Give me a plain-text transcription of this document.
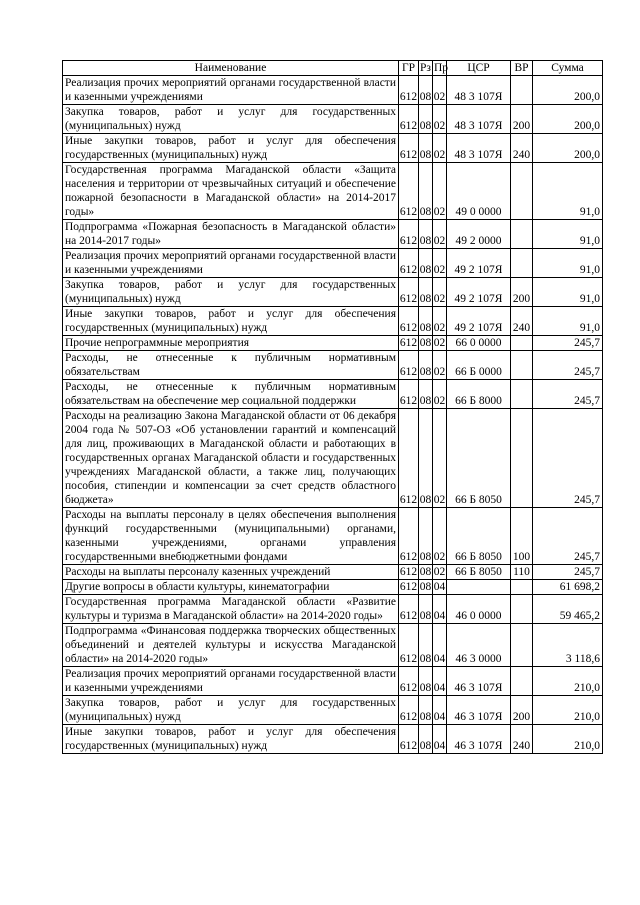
Наименование	ГР	Рз	Пр	ЦСР	ВР	Сумма
Реализация прочих мероприятий органами государственной власти и казенными учреждениями	612	08	02	48 3 107Я		200,0
Закупка товаров, работ и услуг для государственных (муниципальных) нужд	612	08	02	48 3 107Я	200	200,0
Иные закупки товаров, работ и услуг для обеспечения государственных (муниципальных) нужд	612	08	02	48 3 107Я	240	200,0
Государственная программа Магаданской области «Защита населения и территории от чрезвычайных ситуаций и обеспечение пожарной безопасности в Магаданской области» на 2014-2017 годы»	612	08	02	49 0 0000		91,0
Подпрограмма «Пожарная безопасность в Магаданской области» на 2014-2017 годы»	612	08	02	49 2 0000		91,0
Реализация прочих мероприятий органами государственной власти и казенными учреждениями	612	08	02	49 2 107Я		91,0
Закупка товаров, работ и услуг для государственных (муниципальных) нужд	612	08	02	49 2 107Я	200	91,0
Иные закупки товаров, работ и услуг для обеспечения государственных (муниципальных) нужд	612	08	02	49 2 107Я	240	91,0
Прочие непрограммные мероприятия	612	08	02	66 0 0000		245,7
Расходы, не отнесенные к публичным нормативным обязательствам	612	08	02	66 Б 0000		245,7
Расходы, не отнесенные к публичным нормативным обязательствам на обеспечение мер социальной поддержки	612	08	02	66 Б 8000		245,7
Расходы на реализацию Закона Магаданской области от 06 декабря 2004 года № 507-ОЗ «Об установлении гарантий и компенсаций для лиц, проживающих в Магаданской области и работающих в государственных органах Магаданской области и государственных учреждениях Магаданской области, а также лиц, получающих пособия, стипендии и компенсации за счет средств областного бюджета»	612	08	02	66 Б 8050		245,7
Расходы на выплаты персоналу в целях обеспечения выполнения функций государственными (муниципальными) органами, казенными учреждениями, органами управления государственными внебюджетными фондами	612	08	02	66 Б 8050	100	245,7
Расходы на выплаты персоналу казенных учреждений	612	08	02	66 Б 8050	110	245,7
Другие вопросы в области культуры, кинематографии	612	08	04			61 698,2
Государственная программа Магаданской области «Развитие культуры и туризма в Магаданской области» на 2014-2020 годы»	612	08	04	46 0 0000		59 465,2
Подпрограмма «Финансовая поддержка творческих общественных объединений и деятелей культуры и искусства Магаданской области» на 2014-2020 годы»	612	08	04	46 3 0000		3 118,6
Реализация прочих мероприятий органами государственной власти и казенными учреждениями	612	08	04	46 3 107Я		210,0
Закупка товаров, работ и услуг для государственных (муниципальных) нужд	612	08	04	46 3 107Я	200	210,0
Иные закупки товаров, работ и услуг для обеспечения государственных (муниципальных) нужд	612	08	04	46 3 107Я	240	210,0
